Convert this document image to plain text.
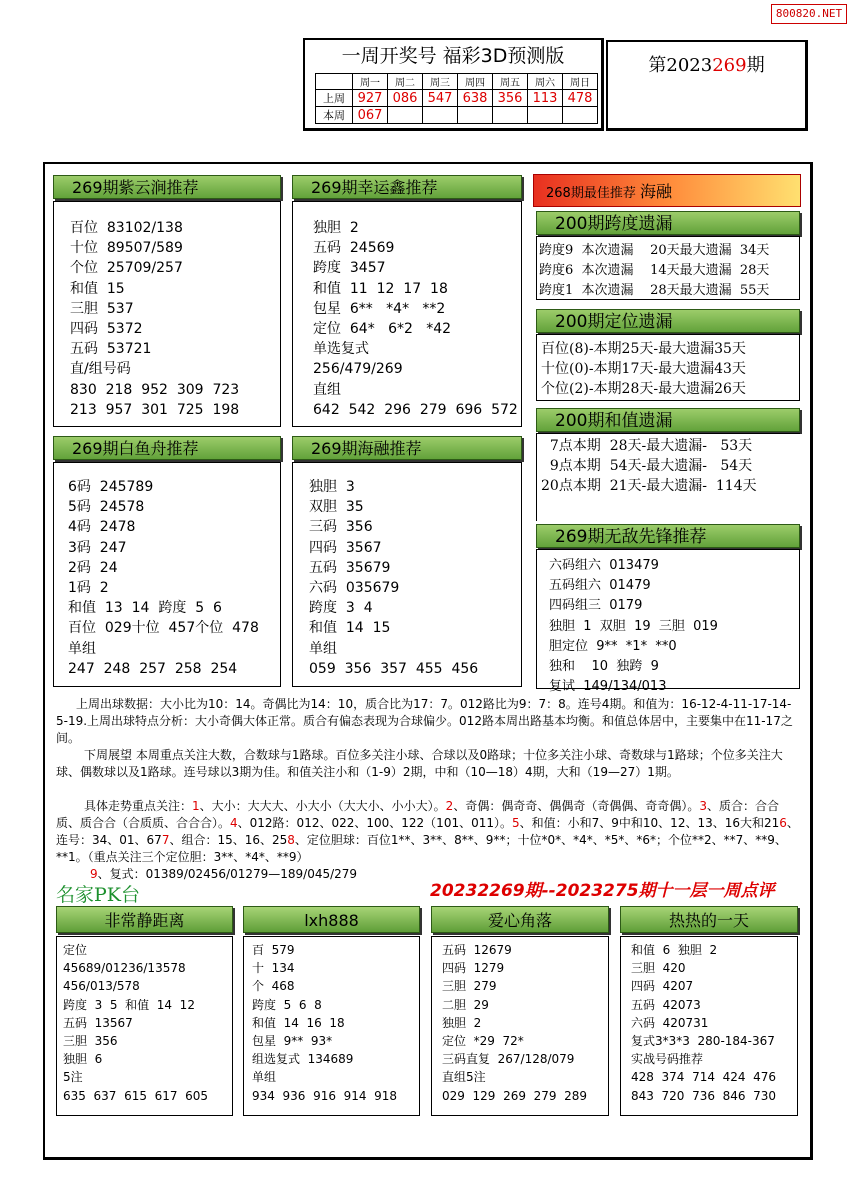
800820.NET
一周开奖号 福彩3D预测版
	周一	周二	周三	周四	周五	周六	周日
上周	927	086	547	638	356	113	478
本周	067						
第2023269期
269期紫云涧推荐
百位  83102/138
十位  89507/589
个位  25709/257
和值  15
三胆  537
四码  5372
五码  53721
直/组号码
830  218  952  309  723
213  957  301  725  198
269期幸运鑫推荐
独胆  2
五码  24569
跨度  3457
和值  11  12  17  18
包星  6**   *4*   **2
定位  64*   6*2   *42
单选复式
256/479/269
直组
642  542  296  279  696  572
269期白鱼舟推荐
6码  245789
5码  24578
4码  2478
3码  247
2码  24
1码  2
和值  13  14  跨度  5  6
百位  029十位  457个位  478
单组
247  248  257  258  254
269期海融推荐
独胆  3
双胆  35
三码  356
四码  3567
五码  35679
六码  035679
跨度  3  4
和值  14  15
单组
059  356  357  455  456
268期最佳推荐 海融
200期跨度遗漏
跨度9  本次遗漏    20天最大遗漏  34天
跨度6  本次遗漏    14天最大遗漏  28天
跨度1  本次遗漏    28天最大遗漏  55天
200期定位遗漏
百位(8)-本期25天-最大遗漏35天
十位(0)-本期17天-最大遗漏43天
个位(2)-本期28天-最大遗漏26天
200期和值遗漏
7点本期  28天-最大遗漏-   53天
9点本期  54天-最大遗漏-   54天
20点本期  21天-最大遗漏-  114天
269期无敌先锋推荐
六码组六  013479
五码组六  01479
四码组三  0179
独胆  1  双胆  19  三胆  019
胆定位  9**  *1*  **0
独和    10  独跨  9
复试  149/134/013
上周出球数据：大小比为10：14。奇偶比为14：10，质合比为17：7。012路比为9：7：8。连号4期。和值为：16-12-4-11-17-14-5-19.上周出球特点分析：大小奇偶大体正常。质合有偏态表现为合球偏少。012路本周出路基本均衡。和值总体居中，主要集中在11-17之间。
下周展望 本周重点关注大数，合数球与1路球。百位多关注小球、合球以及0路球；十位多关注小球、奇数球与1路球；个位多关注大球、偶数球以及1路球。连号球以3期为佳。和值关注小和（1-9）2期，中和（10—18）4期，大和（19—27）1期。
具体走势重点关注：1、大小：大大大、小大小（大大小、小小大）。2、奇偶：偶奇奇、偶偶奇（奇偶偶、奇奇偶）。3、质合：合合质、质合合（合质质、合合合）。4、012路：012、022、100、122（101、011）。5、和值：小和7、9中和10、12、13、16大和216、连号：34、01、677、组合：15、16、258、定位胆球：百位1**、3**、8**、9**；十位*0*、*4*、*5*、*6*；个位**2、**7、**9、**1。（重点关注三个定位胆：3**、*4*、**9）
9、复式：01389/02456/01279—189/045/279
名家PK台	20232269期--2023275期十一层一周点评
非常静距离
定位
45689/01236/13578
456/013/578
跨度  3  5  和值  14  12
五码  13567
三胆  356
独胆  6
5注
635  637  615  617  605
lxh888
百  579
十  134
个  468
跨度  5  6  8
和值  14  16  18
包星  9**  93*
组选复式  134689
单组
934  936  916  914  918
爱心角落
五码  12679
四码  1279
三胆  279
二胆  29
独胆  2
定位  *29  72*
三码直复  267/128/079
直组5注
029  129  269  279  289
热热的一天
和值  6  独胆  2
三胆  420
四码  4207
五码  42073
六码  420731
复式3*3*3  280-184-367
实战号码推荐
428  374  714  424  476
843  720  736  846  730
